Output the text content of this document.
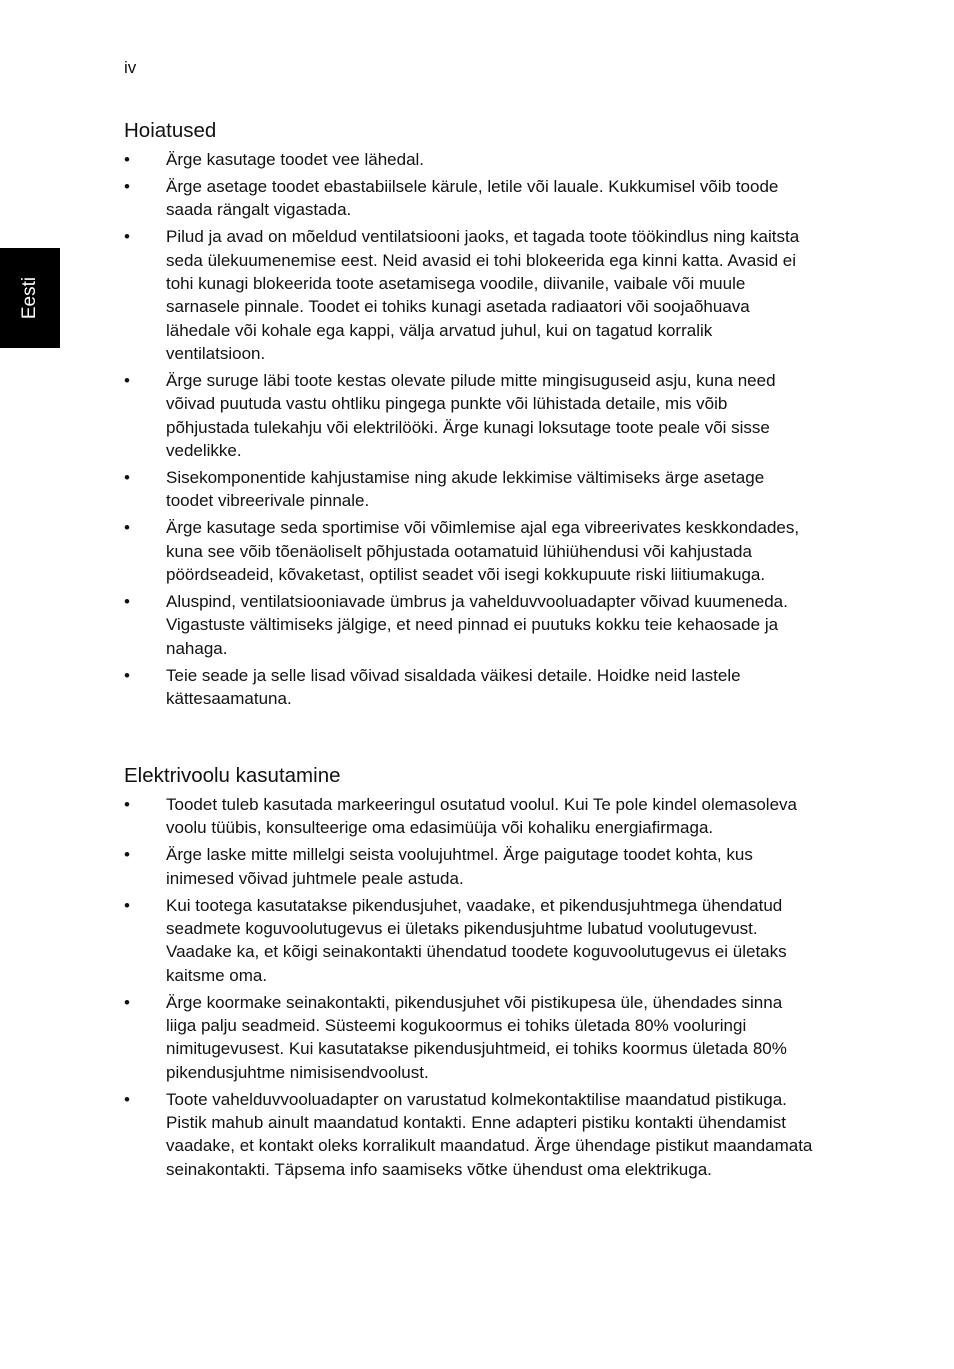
iv
Eesti
Hoiatused
• Ärge kasutage toodet vee lähedal.
• Ärge asetage toodet ebastabiilsele kärule, letile või lauale. Kukkumisel võib toode saada rängalt vigastada.
• Pilud ja avad on mõeldud ventilatsiooni jaoks, et tagada toote töökindlus ning kaitsta seda ülekuumenemise eest. Neid avasid ei tohi blokeerida ega kinni katta. Avasid ei tohi kunagi blokeerida toote asetamisega voodile, diivanile, vaibale või muule sarnasele pinnale. Toodet ei tohiks kunagi asetada radiaatori või soojaõhuava lähedale või kohale ega kappi, välja arvatud juhul, kui on tagatud korralik ventilatsioon.
• Ärge suruge läbi toote kestas olevate pilude mitte mingisuguseid asju, kuna need võivad puutuda vastu ohtliku pingega punkte või lühistada detaile, mis võib põhjustada tulekahju või elektrilööki. Ärge kunagi loksutage toote peale või sisse vedelikke.
• Sisekomponentide kahjustamise ning akude lekkimise vältimiseks ärge asetage toodet vibreerivale pinnale.
• Ärge kasutage seda sportimise või võimlemise ajal ega vibreerivates keskkondades, kuna see võib tõenäoliselt põhjustada ootamatuid lühiühendusi või kahjustada pöördseadeid, kõvaketast, optilist seadet või isegi kokkupuute riski liitiumakuga.
• Aluspind, ventilatsiooniavade ümbrus ja vahelduvvooluadapter võivad kuumeneda. Vigastuste vältimiseks jälgige, et need pinnad ei puutuks kokku teie kehaosade ja nahaga.
• Teie seade ja selle lisad võivad sisaldada väikesi detaile. Hoidke neid lastele kättesaamatuna.
Elektrivoolu kasutamine
• Toodet tuleb kasutada markeeringul osutatud voolul. Kui Te pole kindel olemasoleva voolu tüübis, konsulteerige oma edasimüüja või kohaliku energiafirmaga.
• Ärge laske mitte millelgi seista voolujuhtmel. Ärge paigutage toodet kohta, kus inimesed võivad juhtmele peale astuda.
• Kui tootega kasutatakse pikendusjuhet, vaadake, et pikendusjuhtmega ühendatud seadmete koguvoolutugevus ei ületaks pikendusjuhtme lubatud voolutugevust. Vaadake ka, et kõigi seinakontakti ühendatud toodete koguvoolutugevus ei ületaks kaitsme oma.
• Ärge koormake seinakontakti, pikendusjuhet või pistikupesa üle, ühendades sinna liiga palju seadmeid. Süsteemi kogukoormus ei tohiks ületada 80% vooluringi nimitugevusest. Kui kasutatakse pikendusjuhtmeid, ei tohiks koormus ületada 80% pikendusjuhtme nimisisendvoolust.
• Toote vahelduvvooluadapter on varustatud kolmekontaktilise maandatud pistikuga. Pistik mahub ainult maandatud kontakti. Enne adapteri pistiku kontakti ühendamist vaadake, et kontakt oleks korralikult maandatud. Ärge ühendage pistikut maandamata seinakontakti. Täpsema info saamiseks võtke ühendust oma elektrikuga.
